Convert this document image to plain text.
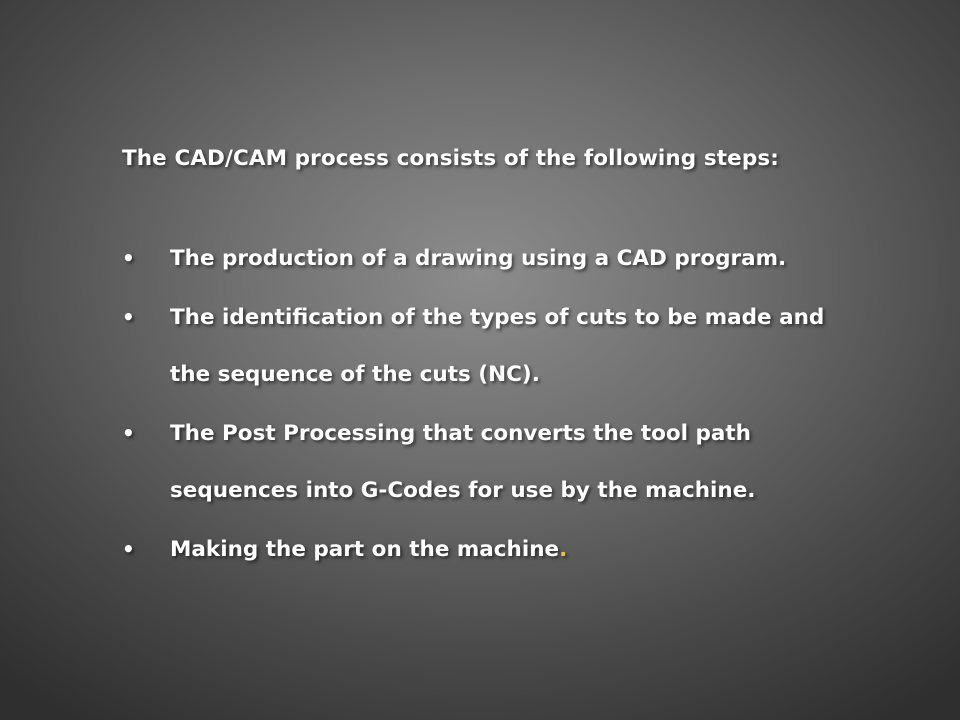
The CAD/CAM process consists of the following steps:
• The production of a drawing using a CAD program.
• The identification of the types of cuts to be made and the sequence of the cuts (NC).
• The Post Processing that converts the tool path sequences into G-Codes for use by the machine.
• Making the part on the machine.
